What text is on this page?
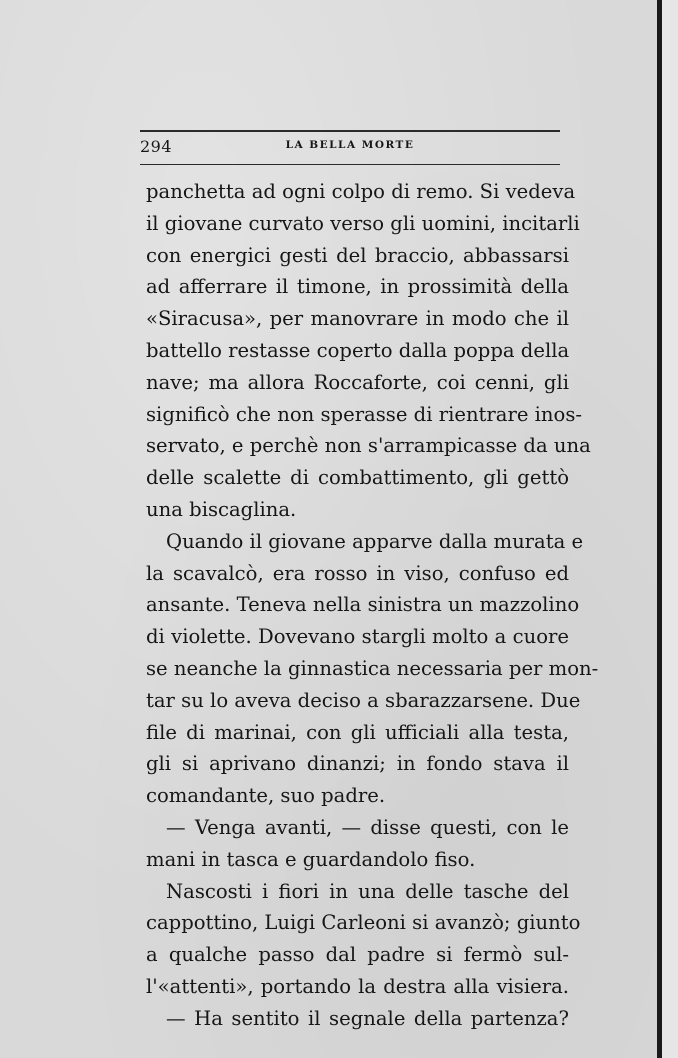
294	LA BELLA MORTE
panchetta ad ogni colpo di remo. Si vedeva
il giovane curvato verso gli uomini, incitarli
con energici gesti del braccio, abbassarsi
ad afferrare il timone, in prossimità della
«Siracusa», per manovrare in modo che il
battello restasse coperto dalla poppa della
nave; ma allora Roccaforte, coi cenni, gli
significò che non sperasse di rientrare inos-
servato, e perchè non s'arrampicasse da una
delle scalette di combattimento, gli gettò
una biscaglina.
Quando il giovane apparve dalla murata e
la scavalcò, era rosso in viso, confuso ed
ansante. Teneva nella sinistra un mazzolino
di violette. Dovevano stargli molto a cuore
se neanche la ginnastica necessaria per mon-
tar su lo aveva deciso a sbarazzarsene. Due
file di marinai, con gli ufficiali alla testa,
gli si aprivano dinanzi; in fondo stava il
comandante, suo padre.
— Venga avanti, — disse questi, con le
mani in tasca e guardandolo fiso.
Nascosti i fiori in una delle tasche del
cappottino, Luigi Carleoni si avanzò; giunto
a qualche passo dal padre si fermò sul-
l'«attenti», portando la destra alla visiera.
— Ha sentito il segnale della partenza?
